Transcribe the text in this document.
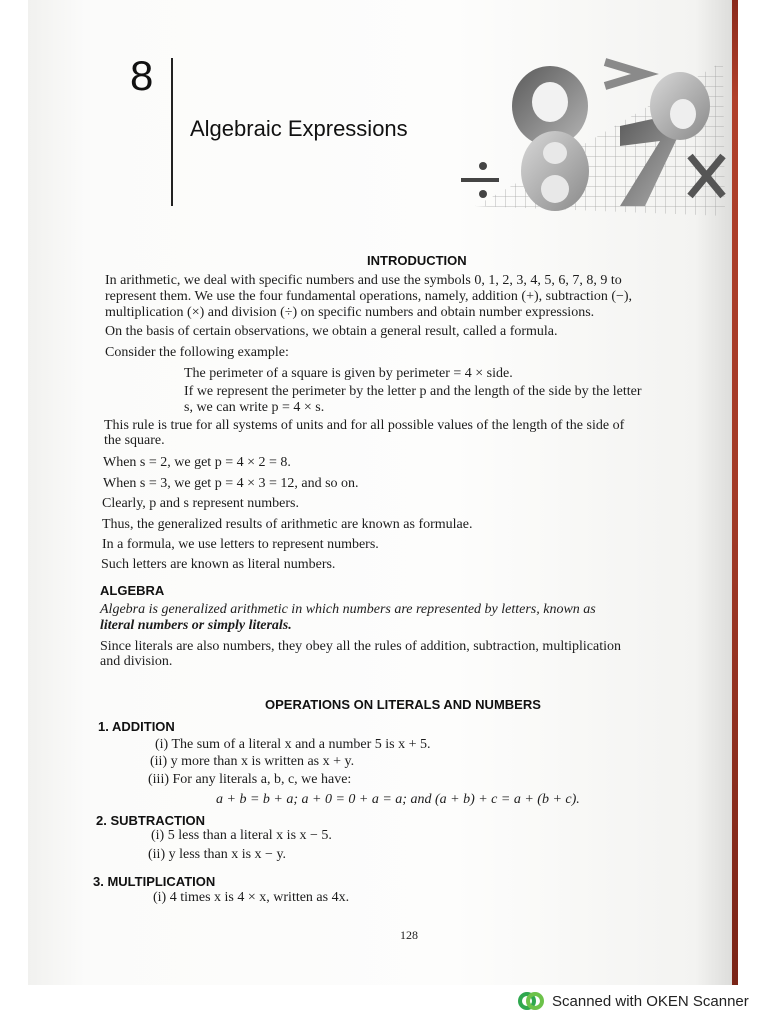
8
Algebraic Expressions
INTRODUCTION
In arithmetic, we deal with specific numbers and use the symbols 0, 1, 2, 3, 4, 5, 6, 7, 8, 9 to
represent them. We use the four fundamental operations, namely, addition (+), subtraction (−),
multiplication (×) and division (÷) on specific numbers and obtain number expressions.
On the basis of certain observations, we obtain a general result, called a formula.
Consider the following example:
The perimeter of a square is given by perimeter = 4 × side.
If we represent the perimeter by the letter p and the length of the side by the letter
s, we can write p = 4 × s.
This rule is true for all systems of units and for all possible values of the length of the side of
the square.
When s = 2, we get p = 4 × 2 = 8.
When s = 3, we get p = 4 × 3 = 12, and so on.
Clearly, p and s represent numbers.
Thus, the generalized results of arithmetic are known as formulae.
In a formula, we use letters to represent numbers.
Such letters are known as literal numbers.
ALGEBRA
Algebra is generalized arithmetic in which numbers are represented by letters, known as
literal numbers or simply literals.
Since literals are also numbers, they obey all the rules of addition, subtraction, multiplication
and division.
OPERATIONS ON LITERALS AND NUMBERS
1. ADDITION
(i) The sum of a literal x and a number 5 is x + 5.
(ii) y more than x is written as x + y.
(iii) For any literals a, b, c, we have:
a + b = b + a; a + 0 = 0 + a = a; and (a + b) + c = a + (b + c).
2. SUBTRACTION
(i) 5 less than a literal x is x − 5.
(ii) y less than x is x − y.
3. MULTIPLICATION
(i) 4 times x is 4 × x, written as 4x.
128
Scanned with OKEN Scanner
